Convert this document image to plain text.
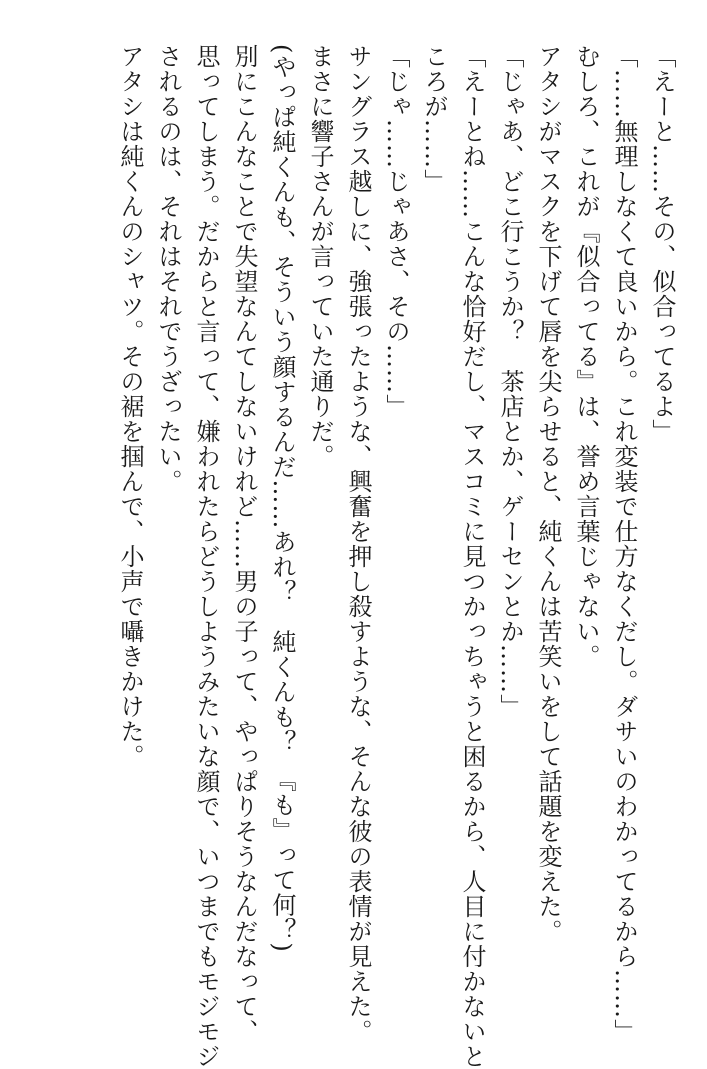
「えーと……その、似合ってるよ」

「……無理しなくて良いから。これ変装で仕方なくだし。ダサいのわかってるから……」

むしろ、これが『似合ってる』は、誉め言葉じゃない。

アタシがマスクを下げて唇を尖らせると、純くんは苦笑いをして話題を変えた。

「じゃあ、どこ行こうか？　茶店とか、ゲーセンとか……」

「えーとね……こんな恰好だし、マスコミに見つかっちゃうと困るから、人目に付かないと

ころが……」

「じゃ……じゃあさ、その……」

サングラス越しに、強張ったような、興奮を押し殺すような、そんな彼の表情が見えた。

まさに響子さんが言っていた通りだ。

(やっぱ純くんも、そういう顔するんだ……あれ？　純くんも？　『も』って何？)

別にこんなことで失望なんてしないけれど……男の子って、やっぱりそうなんだなって、

思ってしまう。だからと言って、嫌われたらどうしようみたいな顔で、いつまでもモジモジ

されるのは、それはそれでうざったい。

アタシは純くんのシャツ。その裾を掴んで、小声で囁きかけた。
